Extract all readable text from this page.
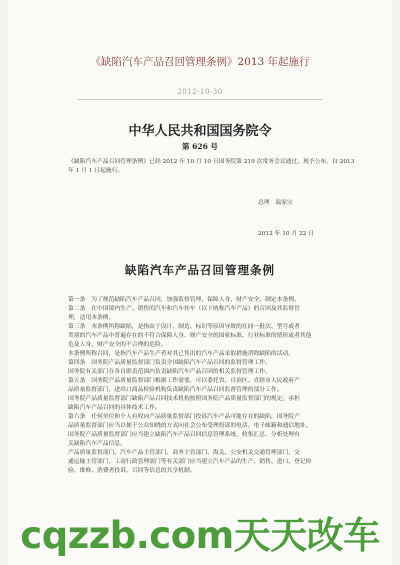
《缺陷汽车产品召回管理条例》2013 年起施行
2012-10-30
中华人民共和国国务院令
第 626 号
《缺陷汽车产品召回管理条例》已经 2012 年 10 月 10 日国务院第 219 次常务会议通过，现予公布，自 2013 年 1 月 1 日起施行。
总理　温家宝
2012 年 10 月 22 日
缺陷汽车产品召回管理条例
第一条　为了规范缺陷汽车产品召回，加强监督管理，保障人身、财产安全，制定本条例。
第二条　在中国境内生产、销售的汽车和汽车挂车（以下统称汽车产品）的召回及其监督管
理，适用本条例。
第三条　本条例所称缺陷，是指由于设计、制造、标识等原因导致的在同一批次、型号或者
类别的汽车产品中普遍存在的不符合保障人身、财产安全的国家标准、行业标准的情形或者其他
危及人身、财产安全的不合理的危险。
本条例所称召回，是指汽车产品生产者对其已售出的汽车产品采取措施消除缺陷的活动。
第四条　国务院产品质量监督部门负责全国缺陷汽车产品召回的监督管理工作。
国务院有关部门在各自职责范围内负责缺陷汽车产品召回的相关监督管理工作。
第五条　国务院产品质量监督部门根据工作需要，可以委托省、自治区、直辖市人民政府产
品质量监督部门，进出口商品检验机构负责缺陷汽车产品召回监督管理的部分工作。
国务院产品质量监督部门缺陷产品召回技术机构按照国务院产品质量监督部门的规定，承担
缺陷汽车产品召回的具体技术工作。
第六条　任何单位和个人有权向产品质量监督部门投诉汽车产品可能存在的缺陷，国务院产
品质量监督部门应当以便于公众知晓的方式向社会公布受理投诉的电话、电子邮箱和通信地址。
国务院产品质量监督部门应当建立缺陷汽车产品召回信息管理系统，收集汇总、分析处理有
关缺陷汽车产品信息。
产品质量监督部门、汽车产品主管部门、商务主管部门、海关、公安机关交通管理部门、交
通运输主管部门、工商行政管理部门等有关部门应当建立汽车产品的生产、销售、进口、登记检
验、维修、消费者投诉、召回等信息的共享机制。
cqzzb.com天天改车
